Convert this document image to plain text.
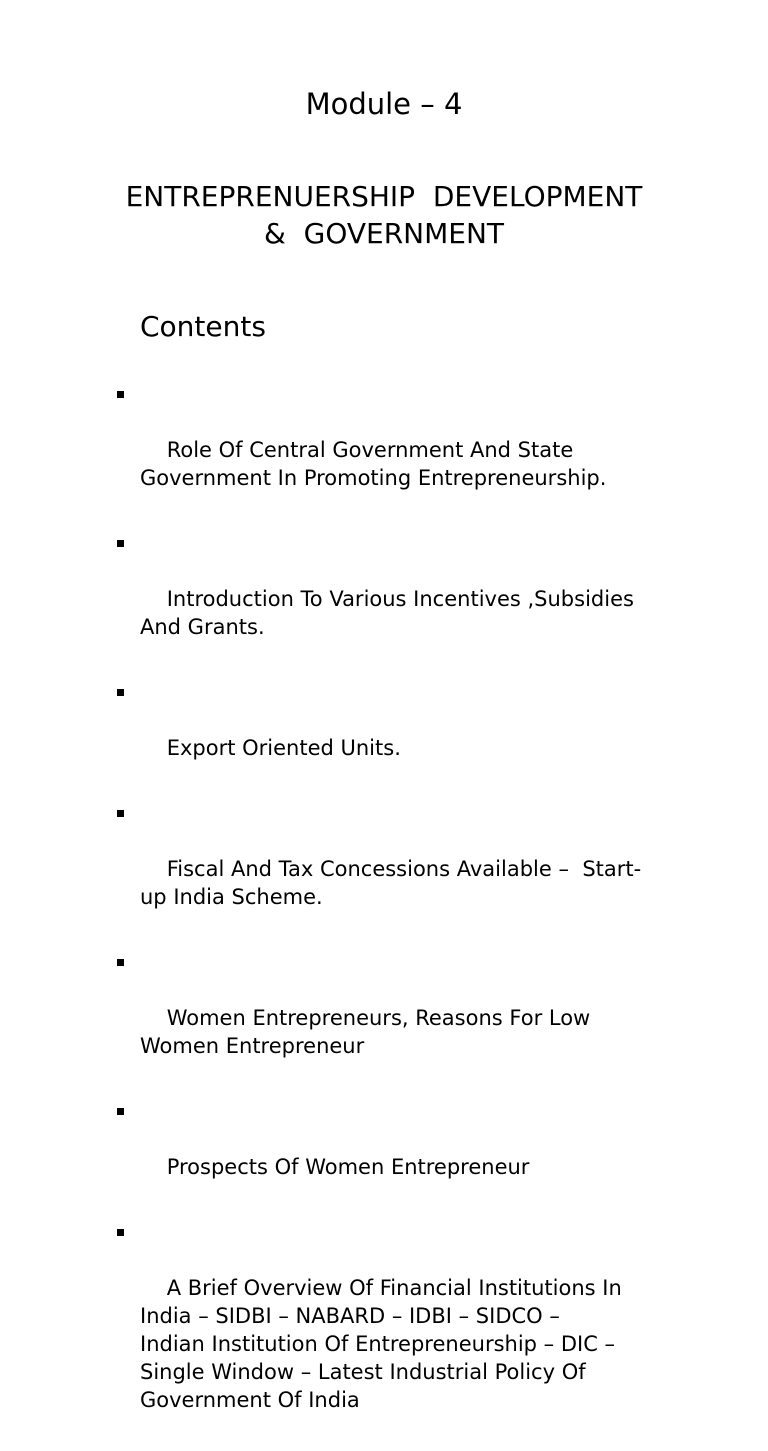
Module – 4
ENTREPRENUERSHIP  DEVELOPMENT
&  GOVERNMENT
Contents

Role Of Central Government And State
Government In Promoting Entrepreneurship.

Introduction To Various Incentives ,Subsidies
And Grants.

Export Oriented Units.

Fiscal And Tax Concessions Available –  Start-
up India Scheme.

Women Entrepreneurs, Reasons For Low
Women Entrepreneur

Prospects Of Women Entrepreneur

A Brief Overview Of Financial Institutions In
India – SIDBI – NABARD – IDBI – SIDCO –
Indian Institution Of Entrepreneurship – DIC –
Single Window – Latest Industrial Policy Of
Government Of India
